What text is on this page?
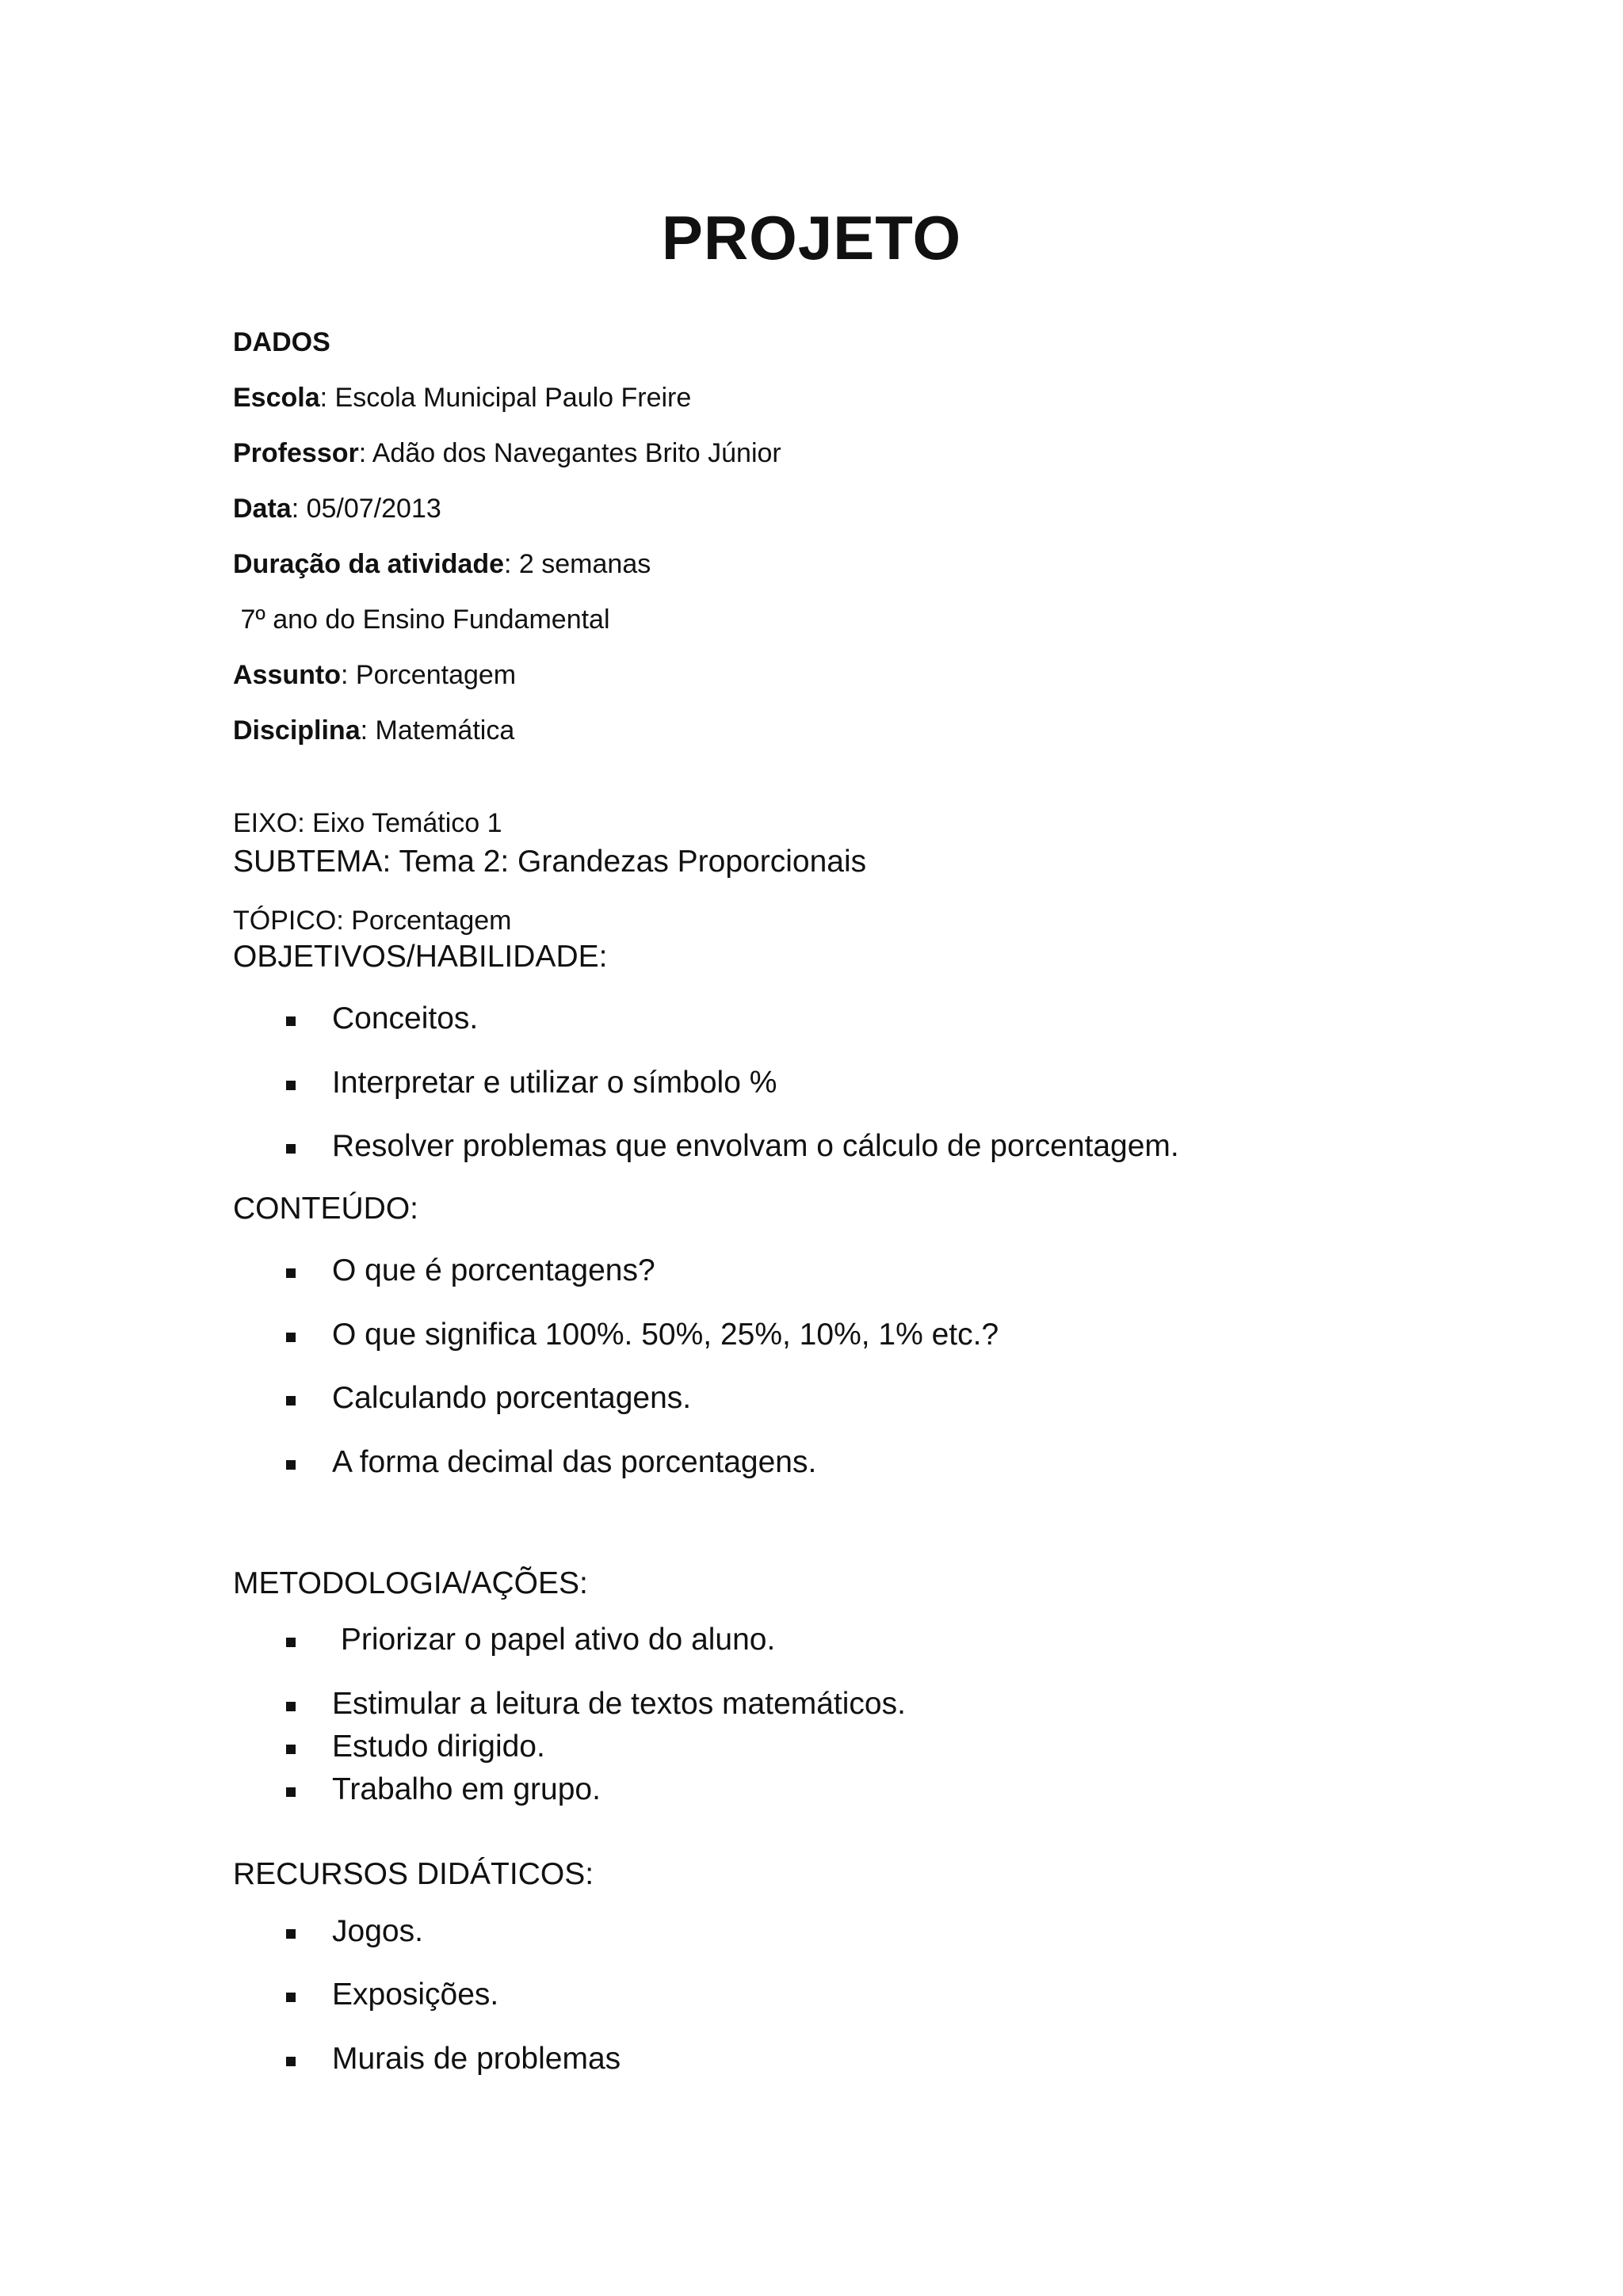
PROJETO
DADOS
Escola: Escola Municipal Paulo Freire
Professor: Adão dos Navegantes Brito Júnior
Data: 05/07/2013
Duração da atividade: 2 semanas
7º ano do Ensino Fundamental
Assunto: Porcentagem
Disciplina: Matemática
EIXO: Eixo Temático 1
SUBTEMA: Tema 2: Grandezas Proporcionais
TÓPICO: Porcentagem
OBJETIVOS/HABILIDADE:
Conceitos.
Interpretar e utilizar o símbolo %
Resolver problemas que envolvam o cálculo de porcentagem.
CONTEÚDO:
O que é porcentagens?
O que significa 100%. 50%, 25%, 10%, 1% etc.?
Calculando porcentagens.
A forma decimal das porcentagens.
METODOLOGIA/AÇÕES:
Priorizar o papel ativo do aluno.
Estimular a leitura de textos matemáticos.
Estudo dirigido.
Trabalho em grupo.
RECURSOS DIDÁTICOS:
Jogos.
Exposições.
Murais de problemas
